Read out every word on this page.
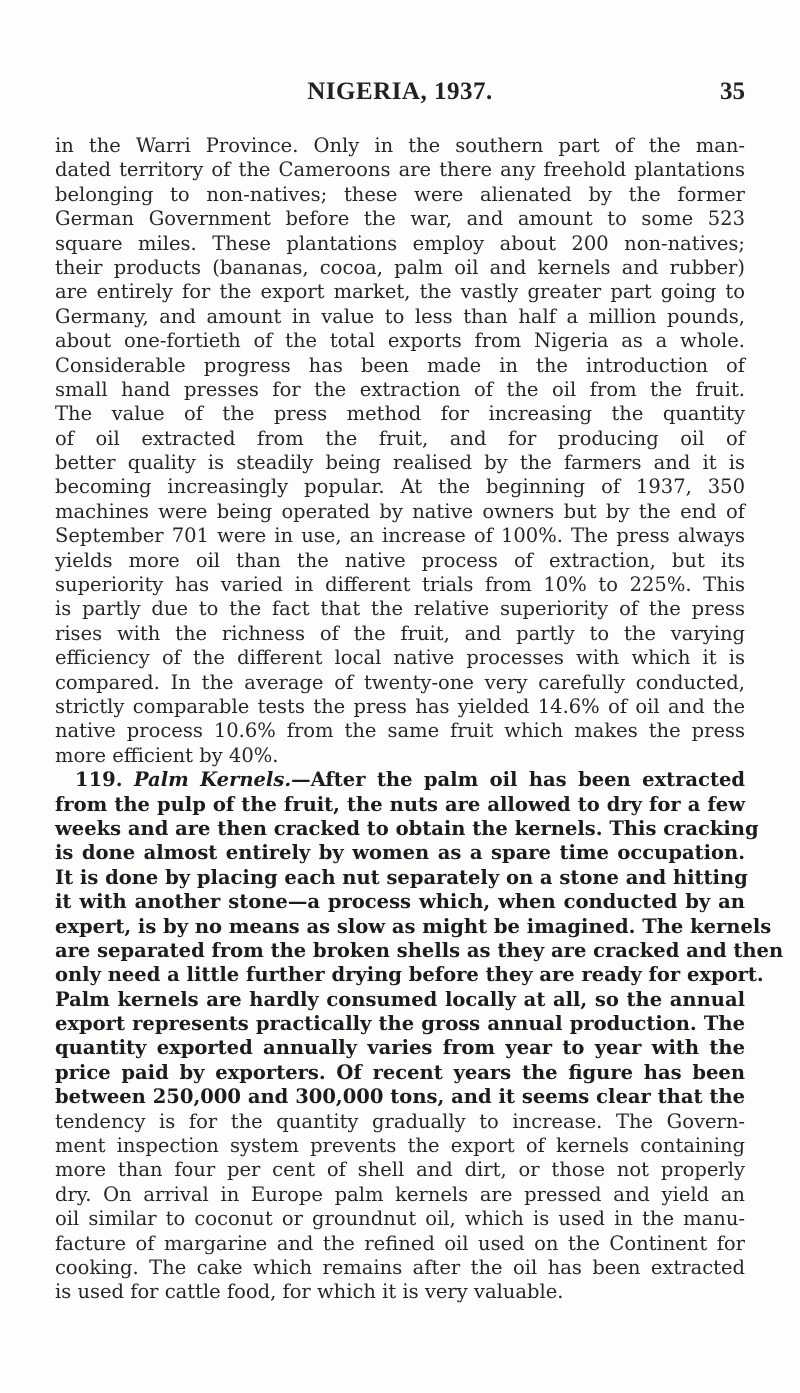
NIGERIA, 1937.	35
in the Warri Province. Only in the southern part of the man-
dated territory of the Cameroons are there any freehold plantations
belonging to non-natives; these were alienated by the former
German Government before the war, and amount to some 523
square miles. These plantations employ about 200 non-natives;
their products (bananas, cocoa, palm oil and kernels and rubber)
are entirely for the export market, the vastly greater part going to
Germany, and amount in value to less than half a million pounds,
about one-fortieth of the total exports from Nigeria as a whole.
Considerable progress has been made in the introduction of
small hand presses for the extraction of the oil from the fruit.
The value of the press method for increasing the quantity
of oil extracted from the fruit, and for producing oil of
better quality is steadily being realised by the farmers and it is
becoming increasingly popular. At the beginning of 1937, 350
machines were being operated by native owners but by the end of
September 701 were in use, an increase of 100%. The press always
yields more oil than the native process of extraction, but its
superiority has varied in different trials from 10% to 225%. This
is partly due to the fact that the relative superiority of the press
rises with the richness of the fruit, and partly to the varying
efficiency of the different local native processes with which it is
compared. In the average of twenty-one very carefully conducted,
strictly comparable tests the press has yielded 14.6% of oil and the
native process 10.6% from the same fruit which makes the press
more efficient by 40%.
119. Palm Kernels.—After the palm oil has been extracted
from the pulp of the fruit, the nuts are allowed to dry for a few
weeks and are then cracked to obtain the kernels. This cracking
is done almost entirely by women as a spare time occupation.
It is done by placing each nut separately on a stone and hitting
it with another stone—a process which, when conducted by an
expert, is by no means as slow as might be imagined. The kernels
are separated from the broken shells as they are cracked and then
only need a little further drying before they are ready for export.
Palm kernels are hardly consumed locally at all, so the annual
export represents practically the gross annual production. The
quantity exported annually varies from year to year with the
price paid by exporters. Of recent years the figure has been
between 250,000 and 300,000 tons, and it seems clear that the
tendency is for the quantity gradually to increase. The Govern-
ment inspection system prevents the export of kernels containing
more than four per cent of shell and dirt, or those not properly
dry. On arrival in Europe palm kernels are pressed and yield an
oil similar to coconut or groundnut oil, which is used in the manu-
facture of margarine and the refined oil used on the Continent for
cooking. The cake which remains after the oil has been extracted
is used for cattle food, for which it is very valuable.
